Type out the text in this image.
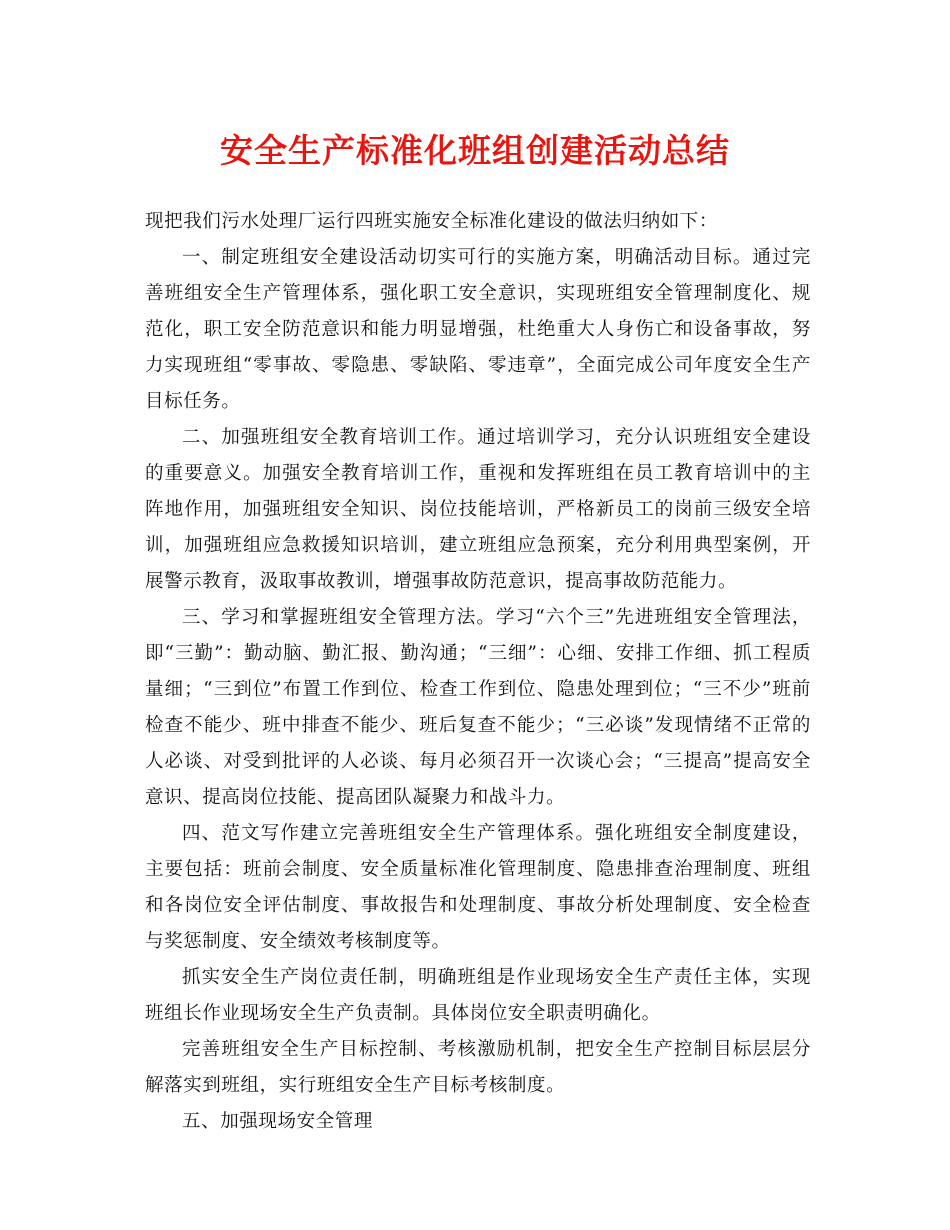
安全生产标准化班组创建活动总结

现把我们污水处理厂运行四班实施安全标准化建设的做法归纳如下：

一、制定班组安全建设活动切实可行的实施方案，明确活动目标。通过完善班组安全生产管理体系，强化职工安全意识，实现班组安全管理制度化、规范化，职工安全防范意识和能力明显增强，杜绝重大人身伤亡和设备事故，努力实现班组“零事故、零隐患、零缺陷、零违章”，全面完成公司年度安全生产目标任务。

二、加强班组安全教育培训工作。通过培训学习，充分认识班组安全建设的重要意义。加强安全教育培训工作，重视和发挥班组在员工教育培训中的主阵地作用，加强班组安全知识、岗位技能培训，严格新员工的岗前三级安全培训，加强班组应急救援知识培训，建立班组应急预案，充分利用典型案例，开展警示教育，汲取事故教训，增强事故防范意识，提高事故防范能力。

三、学习和掌握班组安全管理方法。学习“六个三”先进班组安全管理法，即“三勤”：勤动脑、勤汇报、勤沟通；“三细”：心细、安排工作细、抓工程质量细；“三到位”布置工作到位、检查工作到位、隐患处理到位；“三不少”班前检查不能少、班中排查不能少、班后复查不能少；“三必谈”发现情绪不正常的人必谈、对受到批评的人必谈、每月必须召开一次谈心会；“三提高”提高安全意识、提高岗位技能、提高团队凝聚力和战斗力。

四、范文写作建立完善班组安全生产管理体系。强化班组安全制度建设，主要包括：班前会制度、安全质量标准化管理制度、隐患排查治理制度、班组和各岗位安全评估制度、事故报告和处理制度、事故分析处理制度、安全检查与奖惩制度、安全绩效考核制度等。

抓实安全生产岗位责任制，明确班组是作业现场安全生产责任主体，实现班组长作业现场安全生产负责制。具体岗位安全职责明确化。

完善班组安全生产目标控制、考核激励机制，把安全生产控制目标层层分解落实到班组，实行班组安全生产目标考核制度。

五、加强现场安全管理
